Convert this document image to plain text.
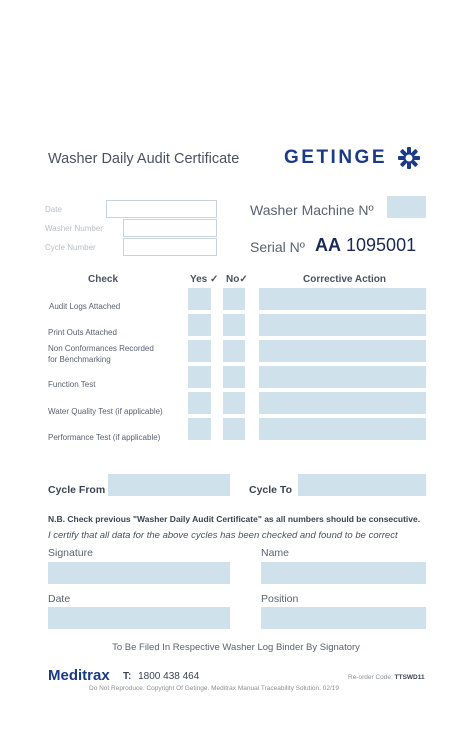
Washer Daily Audit Certificate GETINGE
Date
Washer Number
Cycle Number
Washer Machine Nº
Serial Nº AA 1095001
Check	Yes ✓ No✓	Corrective Action
Audit Logs Attached
Print Outs Attached
Non Conformances Recorded
for Benchmarking
Function Test
Water Quality Test (if applicable)
Performance Test (if applicable)
Cycle From	Cycle To
N.B. Check previous "Washer Daily Audit Certificate" as all numbers should be consecutive.
I certify that all data for the above cycles has been checked and found to be correct
Signature	Name
Date	Position
To Be Filed In Respective Washer Log Binder By Signatory
Meditrax T: 1800 438 464	Re-order Code: TTSWD11
Do Not Reproduce. Copyright Of Getinge. Meditrax Manual Traceability Solution. 02/19
